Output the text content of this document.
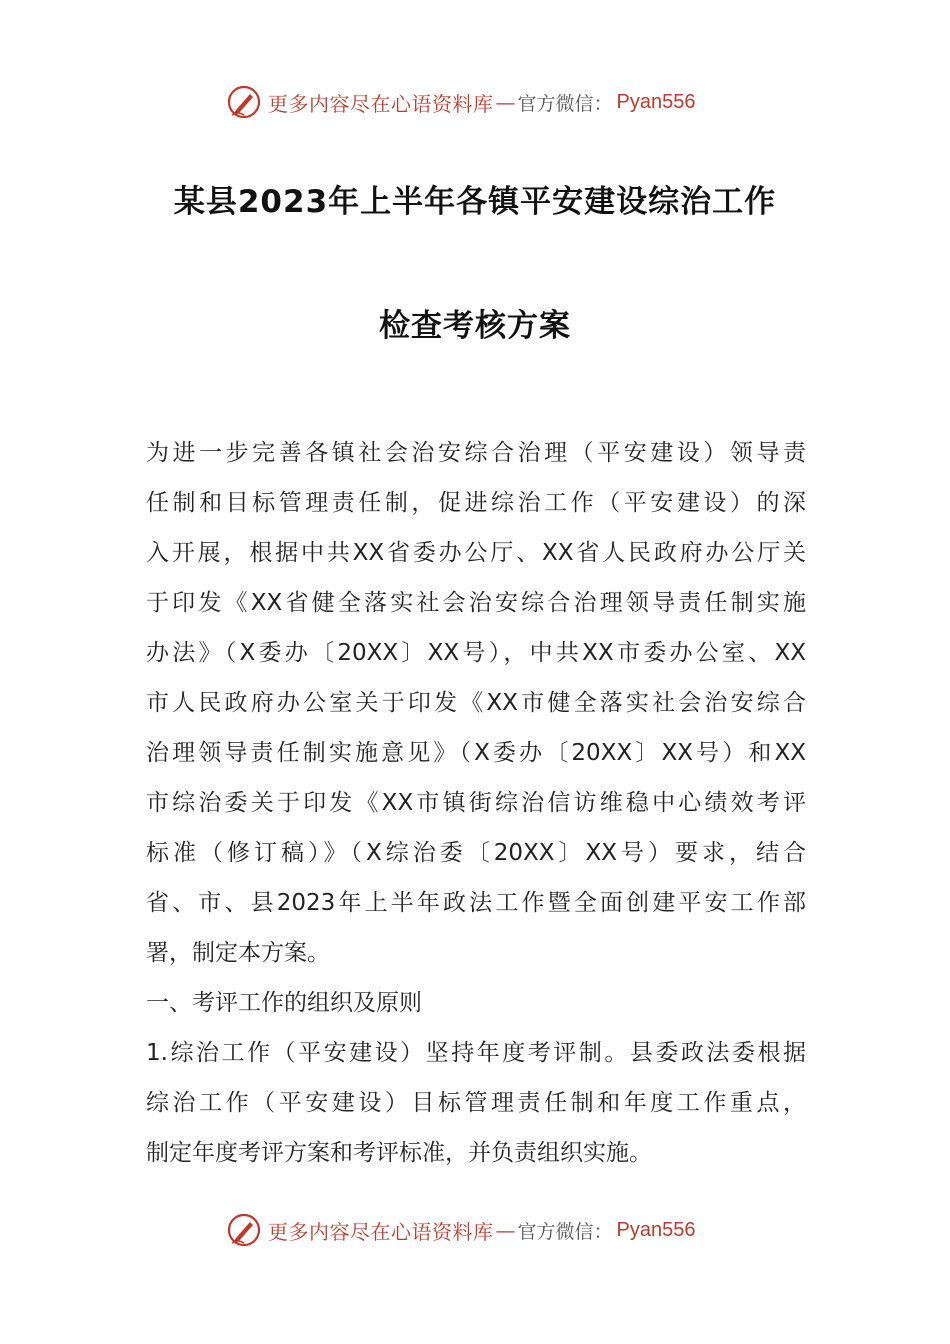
更多内容尽在心语资料库 — 官方微信： Pyan556
某县2023年上半年各镇平安建设综治工作
检查考核方案
为进一步完善各镇社会治安综合治理（平安建设）领导责
任制和目标管理责任制，促进综治工作（平安建设）的深
入开展，根据中共XX省委办公厅、XX省人民政府办公厅关
于印发《XX省健全落实社会治安综合治理领导责任制实施
办法》（X委办〔20XX〕XX号），中共XX市委办公室、XX
市人民政府办公室关于印发《XX市健全落实社会治安综合
治理领导责任制实施意见》（X委办〔20XX〕XX号）和XX
市综治委关于印发《XX市镇街综治信访维稳中心绩效考评
标准（修订稿）》（X综治委〔20XX〕XX号）要求，结合
省、市、县2023年上半年政法工作暨全面创建平安工作部
署，制定本方案。
一、考评工作的组织及原则
1.综治工作（平安建设）坚持年度考评制。县委政法委根据
综治工作（平安建设）目标管理责任制和年度工作重点，
制定年度考评方案和考评标准，并负责组织实施。
更多内容尽在心语资料库 — 官方微信： Pyan556
